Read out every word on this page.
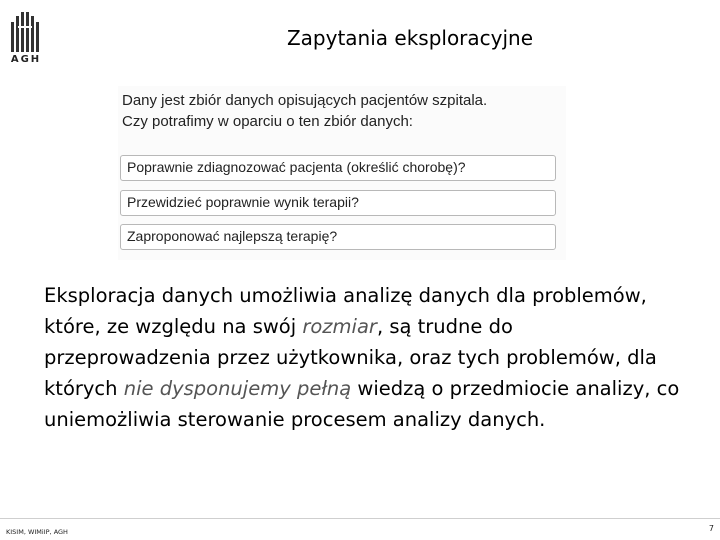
AGH
Zapytania eksploracyjne
Dany jest zbiór danych opisujących pacjentów szpitala.
Czy potrafimy w oparciu o ten zbiór danych:
Poprawnie zdiagnozować pacjenta (określić chorobę)?
Przewidzieć poprawnie wynik terapii?
Zaproponować najlepszą terapię?
Eksploracja danych umożliwia analizę danych dla problemów, które, ze względu na swój rozmiar, są trudne do przeprowadzenia przez użytkownika, oraz tych problemów, dla których nie dysponujemy pełną wiedzą o przedmiocie analizy, co uniemożliwia sterowanie procesem analizy danych.
KISIM, WIMiIP, AGH	7
